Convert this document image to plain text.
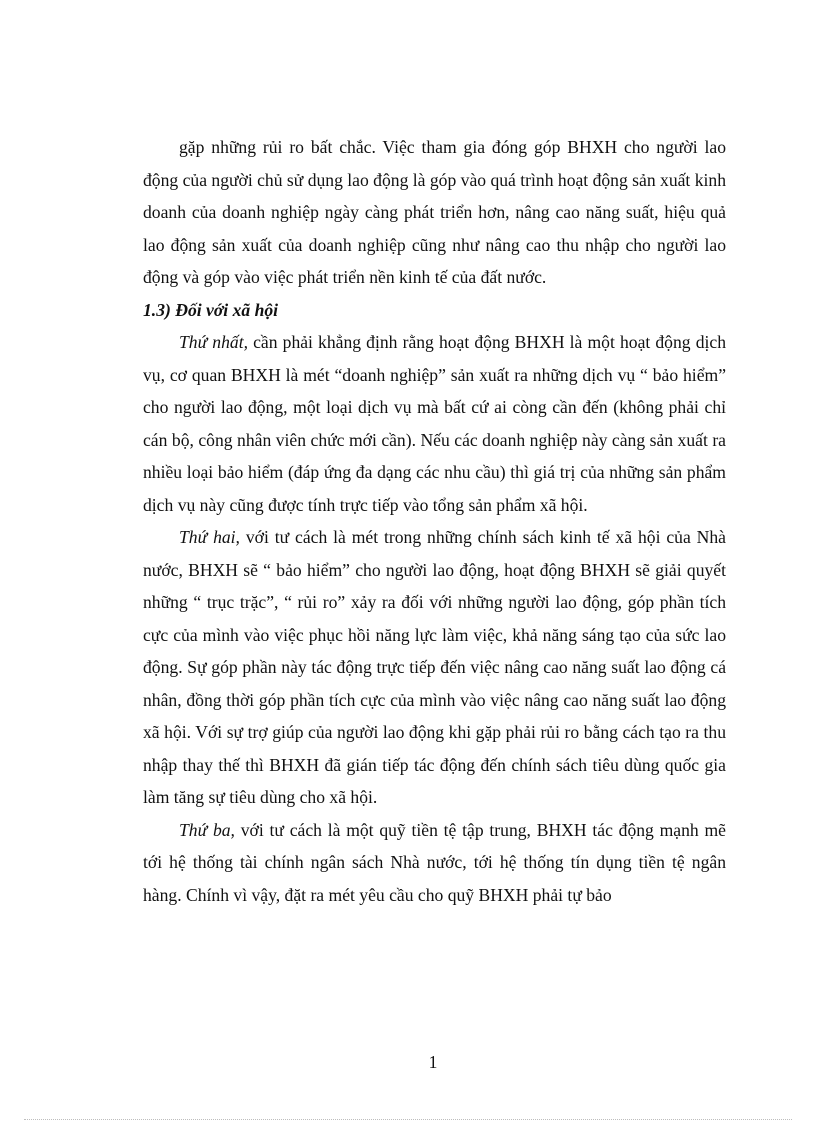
gặp những rủi ro bất chắc. Việc tham gia đóng góp BHXH cho người lao động của người chủ sử dụng lao động là góp vào quá trình hoạt động sản xuất kinh doanh của doanh nghiệp ngày càng phát triển hơn, nâng cao năng suất, hiệu quả lao động sản xuất của doanh nghiệp cũng như nâng cao thu nhập cho người lao động và góp vào việc phát triển nền kinh tế của đất nước.

1.3) Đối với xã hội

Thứ nhất, cần phải khẳng định rằng hoạt động BHXH là một hoạt động dịch vụ, cơ quan BHXH là mét “doanh nghiệp” sản xuất ra những dịch vụ “ bảo hiểm” cho người lao động, một loại dịch vụ mà bất cứ ai còng cần đến (không phải chỉ cán bộ, công nhân viên chức mới cần). Nếu các doanh nghiệp này càng sản xuất ra nhiều loại bảo hiểm (đáp ứng đa dạng các nhu cầu) thì giá trị của những sản phẩm dịch vụ này cũng được tính trực tiếp vào tổng sản phẩm xã hội.

Thứ hai, với tư cách là mét trong những chính sách kinh tế xã hội của Nhà nước, BHXH sẽ “ bảo hiểm” cho người lao động, hoạt động BHXH sẽ giải quyết những “ trục trặc”, “ rủi ro” xảy ra đối với những người lao động, góp phần tích cực của mình vào việc phục hồi năng lực làm việc, khả năng sáng tạo của sức lao động. Sự góp phần này tác động trực tiếp đến việc nâng cao năng suất lao động cá nhân, đồng thời góp phần tích cực của mình vào việc nâng cao năng suất lao động xã hội. Với sự trợ giúp của người lao động khi gặp phải rủi ro bằng cách tạo ra thu nhập thay thế thì BHXH đã gián tiếp tác động đến chính sách tiêu dùng quốc gia làm tăng sự tiêu dùng cho xã hội.

Thứ ba, với tư cách là một quỹ tiền tệ tập trung, BHXH tác động mạnh mẽ tới hệ thống tài chính ngân sách Nhà nước, tới hệ thống tín dụng tiền tệ ngân hàng. Chính vì vậy, đặt ra mét yêu cầu cho quỹ BHXH phải tự bảo

1
